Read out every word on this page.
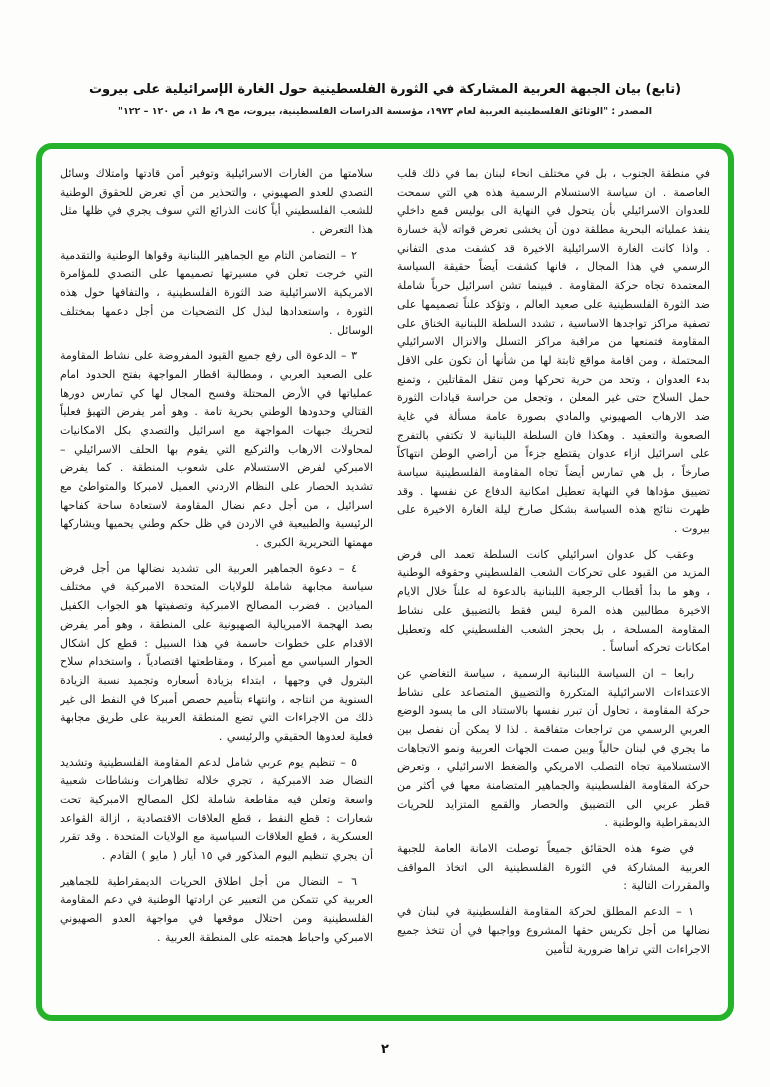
(تابع) بيان الجبهة العربية المشاركة في الثورة الفلسطينية حول الغارة الإسرائيلية على بيروت
المصدر : "الوثائق الفلسطينية العربية لعام ١٩٧٣، مؤسسة الدراسات الفلسطينية، بيروت، مج ٩، ط ١، ص ١٢٠ – ١٢٢"

في منطقة الجنوب ، بل في مختلف انحاء لبنان بما في ذلك قلب العاصمة . ان سياسة الاستسلام الرسمية هذه هي التي سمحت للعدوان الاسرائيلي بأن يتحول في النهاية الى بوليس قمع داخلي ينفذ عملياته البحرية مطلقة دون أن يخشى تعرض قواته لأية خسارة . واذا كانت الغارة الاسرائيلية الاخيرة قد كشفت مدى التفاني الرسمي في هذا المجال ، فانها كشفت أيضاً حقيقة السياسة المعتمدة تجاه حركة المقاومة . فبينما تشن اسرائيل حرباً شاملة ضد الثورة الفلسطينية على صعيد العالم ، وتؤكد علناً تصميمها على تصفية مراكز تواجدها الاساسية ، تشدد السلطة اللبنانية الخناق على المقاومة فتمنعها من مراقبة مراكز التسلل والانزال الاسرائيلي المحتملة ، ومن اقامة مواقع ثابتة لها من شأنها أن تكون على الاقل بدء العدوان ، وتحد من حرية تحركها ومن تنقل المقاتلين ، وتمنع حمل السلاح حتى غير المعلن ، وتجعل من حراسة قيادات الثورة ضد الارهاب الصهيوني والمادي بصورة عامة مسألة في غاية الصعوبة والتعقيد . وهكذا فان السلطة اللبنانية لا تكتفي بالتفرج على اسرائيل ازاء عدوان يقتطع جزءاً من أراضي الوطن انتهاكاً صارخاً ، بل هي تمارس أيضاً تجاه المقاومة الفلسطينية سياسة تضييق مؤداها في النهاية تعطيل امكانية الدفاع عن نفسها . وقد ظهرت نتائج هذه السياسة بشكل صارخ ليلة الغارة الاخيرة على بيروت .

وعقب كل عدوان اسرائيلي كانت السلطة تعمد الى فرض المزيد من القيود على تحركات الشعب الفلسطيني وحقوقه الوطنية ، وهو ما بدأ أقطاب الرجعية اللبنانية بالدعوة له علناً خلال الايام الاخيرة مطالبين هذه المرة ليس فقط بالتضييق على نشاط المقاومة المسلحة ، بل بحجز الشعب الفلسطيني كله وتعطيل امكانات تحركه أساساً .

رابعا – ان السياسة اللبنانية الرسمية ، سياسة التغاضي عن الاعتداءات الاسرائيلية المتكررة والتضييق المتصاعد على نشاط حركة المقاومة ، تحاول أن تبرر نفسها بالاستناد الى ما يسود الوضع العربي الرسمي من تراجعات متفاقمة . لذا لا يمكن أن نفصل بين ما يجري في لبنان حالياً وبين صمت الجهات العربية ونمو الاتجاهات الاستسلامية تجاه التصلب الامريكي والضغط الاسرائيلي ، وتعرض حركة المقاومة الفلسطينية والجماهير المتضامنة معها في أكثر من قطر عربي الى التضييق والحصار والقمع المتزايد للحريات الديمقراطية والوطنية .

في ضوء هذه الحقائق جميعاً توصلت الامانة العامة للجبهة العربية المشاركة في الثورة الفلسطينية الى اتخاذ المواقف والمقررات التالية :

١ – الدعم المطلق لحركة المقاومة الفلسطينية في لبنان في نضالها من أجل تكريس حقها المشروع وواجبها في أن تتخذ جميع الاجراءات التي تراها ضرورية لتأمين

سلامتها من الغارات الاسرائيلية وتوفير أمن قادتها وامتلاك وسائل التصدي للعدو الصهيوني ، والتحذير من أي تعرض للحقوق الوطنية للشعب الفلسطيني أياً كانت الذرائع التي سوف يجري في ظلها مثل هذا التعرض .

٢ – التضامن التام مع الجماهير اللبنانية وقواها الوطنية والتقدمية التي خرجت تعلن في مسيرتها تصميمها على التصدي للمؤامرة الامريكية الاسرائيلية ضد الثورة الفلسطينية ، والتفافها حول هذه الثورة ، واستعدادها لبذل كل التضحيات من أجل دعمها بمختلف الوسائل .

٣ – الدعوة الى رفع جميع القيود المفروضة على نشاط المقاومة على الصعيد العربي ، ومطالبة اقطار المواجهة بفتح الحدود امام عملياتها في الأرض المحتلة وفسح المجال لها كي تمارس دورها القتالي وحدودها الوطني بحرية تامة . وهو أمر يفرض التهيؤ فعلياً لتحريك جبهات المواجهة مع اسرائيل والتصدي بكل الامكانيات لمحاولات الارهاب والتركيع التي يقوم بها الحلف الاسرائيلي – الامبركي لفرض الاستسلام على شعوب المنطقة . كما يفرض تشديد الحصار على النظام الاردني العميل لامبركا والمتواطئ مع اسرائيل ، من أجل دعم نضال المقاومة لاستعادة ساحة كفاحها الرئيسية والطبيعية في الاردن في ظل حكم وطني يحميها ويشاركها مهمتها التحريرية الكبرى .

٤ – دعوة الجماهير العربية الى تشديد نضالها من أجل فرض سياسة مجابهة شاملة للولايات المتحدة الامبركية في مختلف الميادين . فضرب المصالح الامبركية وتصفيتها هو الجواب الكفيل بصد الهجمة الامبريالية الصهيونية على المنطقة ، وهو أمر يفرض الاقدام على خطوات حاسمة في هذا السبيل : قطع كل اشكال الحوار السياسي مع أمبركا ، ومقاطعتها اقتصادياً ، واستخدام سلاح البترول في وجهها ، ابتداء بزيادة أسعاره وتجميد نسبة الزيادة السنوية من انتاجه ، وانتهاء بتأميم حصص أمبركا في النفط الى غير ذلك من الاجراءات التي تضع المنطقة العربية على طريق مجابهة فعلية لعدوها الحقيقي والرئيسي .

٥ – تنظيم يوم عربي شامل لدعم المقاومة الفلسطينية وتشديد النضال ضد الامبركية ، تجري خلاله تظاهرات ونشاطات شعبية واسعة وتعلن فيه مقاطعة شاملة لكل المصالح الامبركية تحت شعارات : قطع النفط ، قطع العلاقات الاقتصادية ، ازالة القواعد العسكرية ، قطع العلاقات السياسية مع الولايات المتحدة . وقد تقرر أن يجري تنظيم اليوم المذكور في ١٥ أيار ( مايو ) القادم .

٦ – النضال من أجل اطلاق الحريات الديمقراطية للجماهير العربية كي تتمكن من التعبير عن ارادتها الوطنية في دعم المقاومة الفلسطينية ومن احتلال موقعها في مواجهة العدو الصهيوني الامبركي واحباط هجمته على المنطقة العربية .

٢
